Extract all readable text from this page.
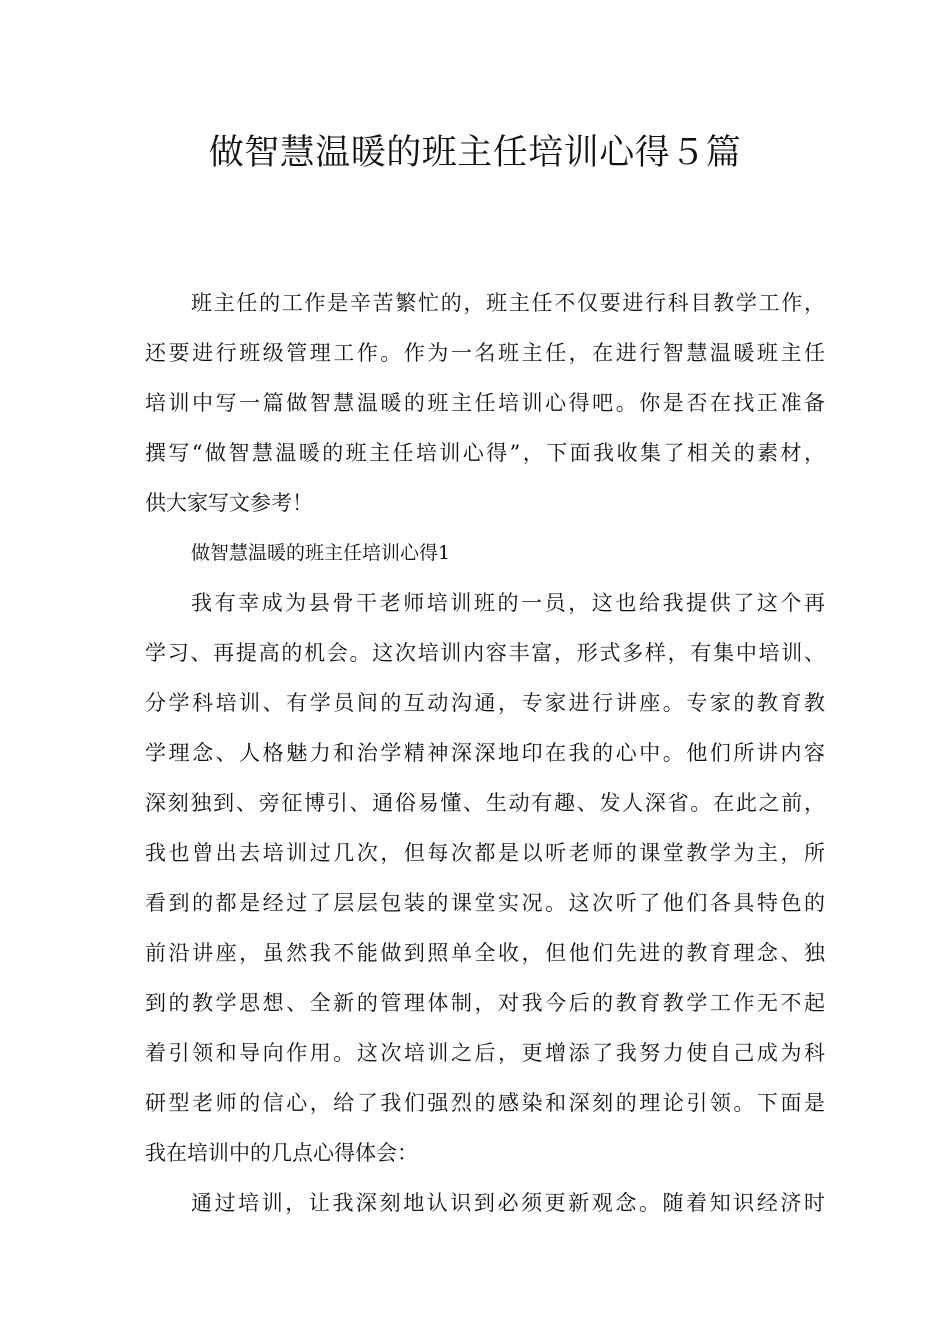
做智慧温暖的班主任培训心得５篇
班主任的工作是辛苦繁忙的，班主任不仅要进行科目教学工作，
还要进行班级管理工作。作为一名班主任，在进行智慧温暖班主任
培训中写一篇做智慧温暖的班主任培训心得吧。你是否在找正准备
撰写“做智慧温暖的班主任培训心得”，下面我收集了相关的素材，
供大家写文参考！
做智慧温暖的班主任培训心得1
我有幸成为县骨干老师培训班的一员，这也给我提供了这个再
学习、再提高的机会。这次培训内容丰富，形式多样，有集中培训、
分学科培训、有学员间的互动沟通，专家进行讲座。专家的教育教
学理念、人格魅力和治学精神深深地印在我的心中。他们所讲内容
深刻独到、旁征博引、通俗易懂、生动有趣、发人深省。在此之前，
我也曾出去培训过几次，但每次都是以听老师的课堂教学为主，所
看到的都是经过了层层包装的课堂实况。这次听了他们各具特色的
前沿讲座，虽然我不能做到照单全收，但他们先进的教育理念、独
到的教学思想、全新的管理体制，对我今后的教育教学工作无不起
着引领和导向作用。这次培训之后，更增添了我努力使自己成为科
研型老师的信心，给了我们强烈的感染和深刻的理论引领。下面是
我在培训中的几点心得体会：
通过培训，让我深刻地认识到必须更新观念。随着知识经济时
